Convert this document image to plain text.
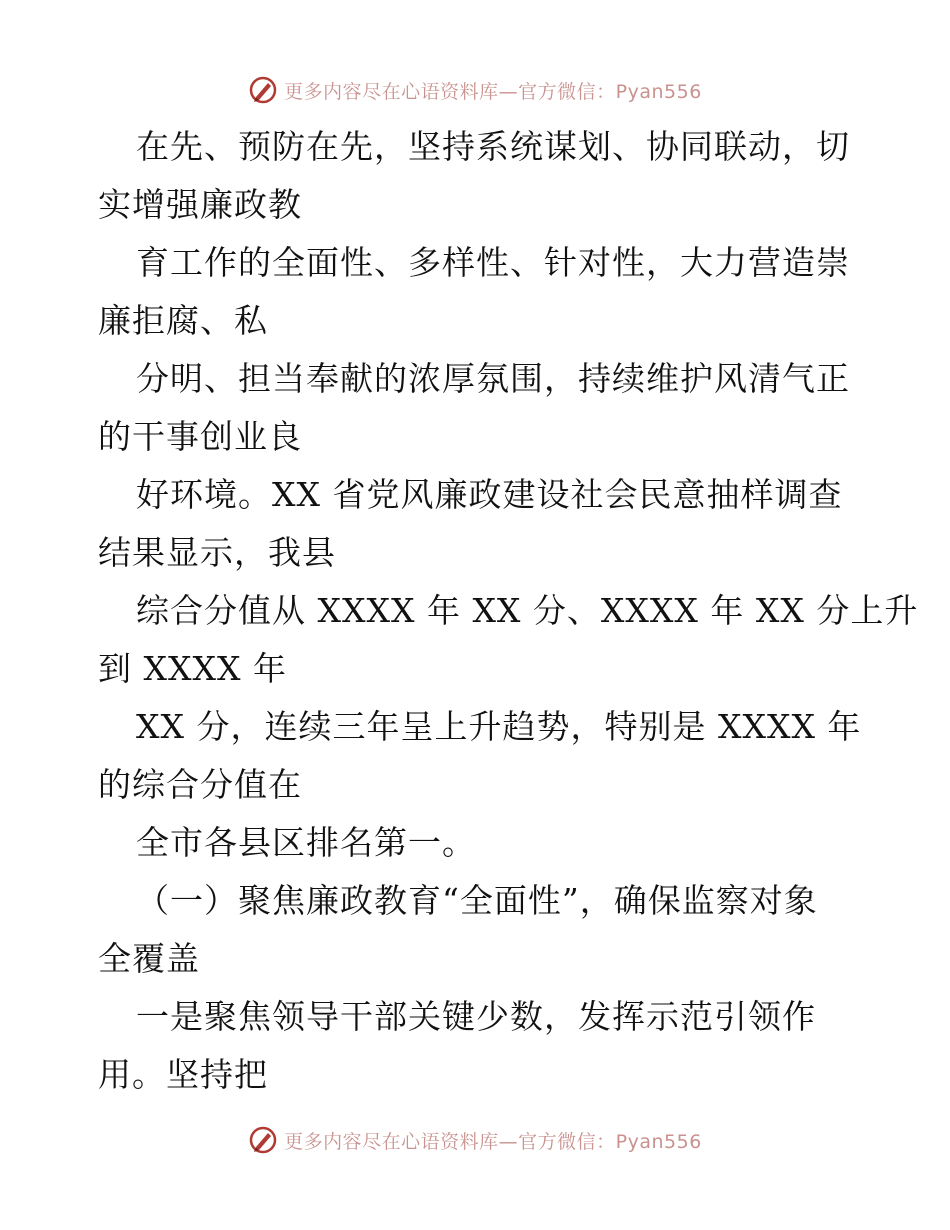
更多内容尽在心语资料库—官方微信：Pyan556
在先、预防在先，坚持系统谋划、协同联动，切
实增强廉政教
育工作的全面性、多样性、针对性，大力营造崇
廉拒腐、私
分明、担当奉献的浓厚氛围，持续维护风清气正
的干事创业良
好环境。XX 省党风廉政建设社会民意抽样调查
结果显示，我县
综合分值从 XXXX 年 XX 分、XXXX 年 XX 分上升
到 XXXX 年
XX 分，连续三年呈上升趋势，特别是 XXXX 年
的综合分值在
全市各县区排名第一。
（一）聚焦廉政教育“全面性”，确保监察对象
全覆盖
一是聚焦领导干部关键少数，发挥示范引领作
用。坚持把
更多内容尽在心语资料库—官方微信：Pyan556
